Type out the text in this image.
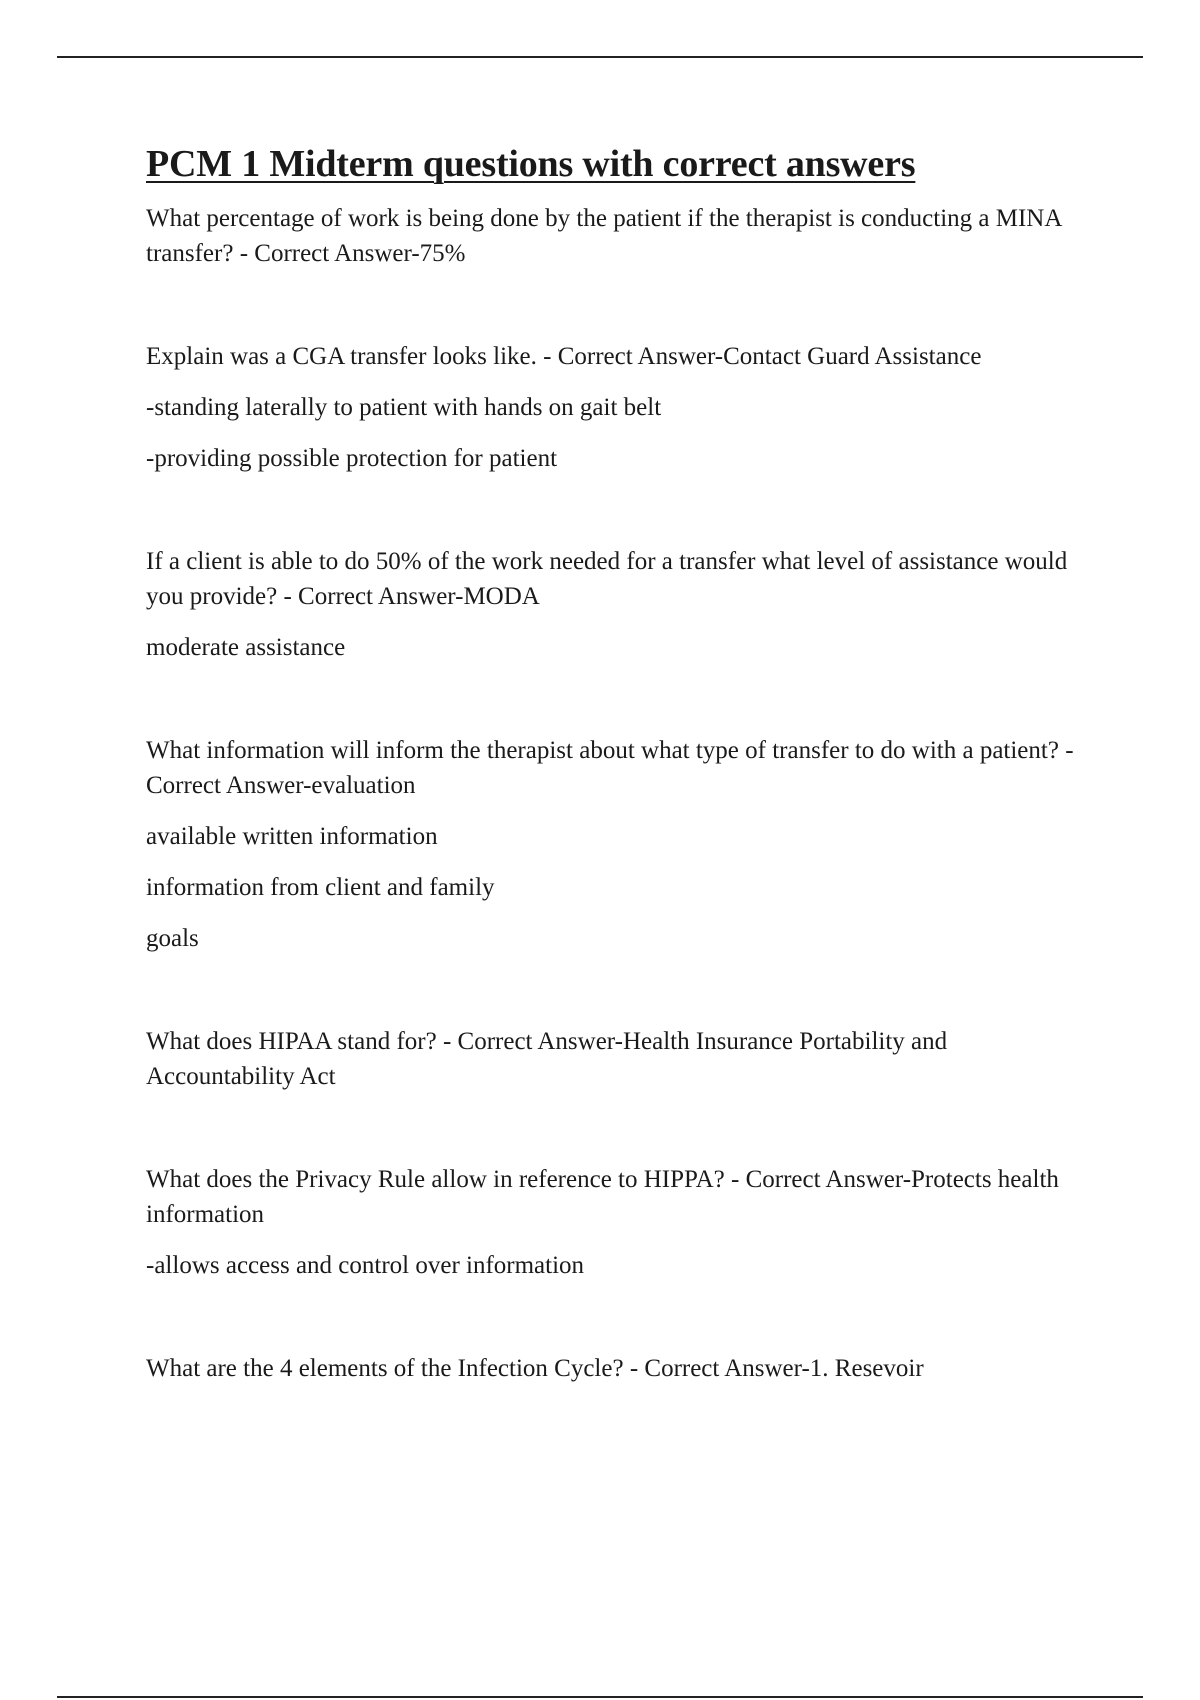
PCM 1 Midterm questions with correct answers

What percentage of work is being done by the patient if the therapist is conducting a MINA transfer? - Correct Answer-75%

Explain was a CGA transfer looks like. - Correct Answer-Contact Guard Assistance

-standing laterally to patient with hands on gait belt

-providing possible protection for patient

If a client is able to do 50% of the work needed for a transfer what level of assistance would you provide? - Correct Answer-MODA

moderate assistance

What information will inform the therapist about what type of transfer to do with a patient? - Correct Answer-evaluation

available written information

information from client and family

goals

What does HIPAA stand for? - Correct Answer-Health Insurance Portability and Accountability Act

What does the Privacy Rule allow in reference to HIPPA? - Correct Answer-Protects health information

-allows access and control over information

What are the 4 elements of the Infection Cycle? - Correct Answer-1. Resevoir
